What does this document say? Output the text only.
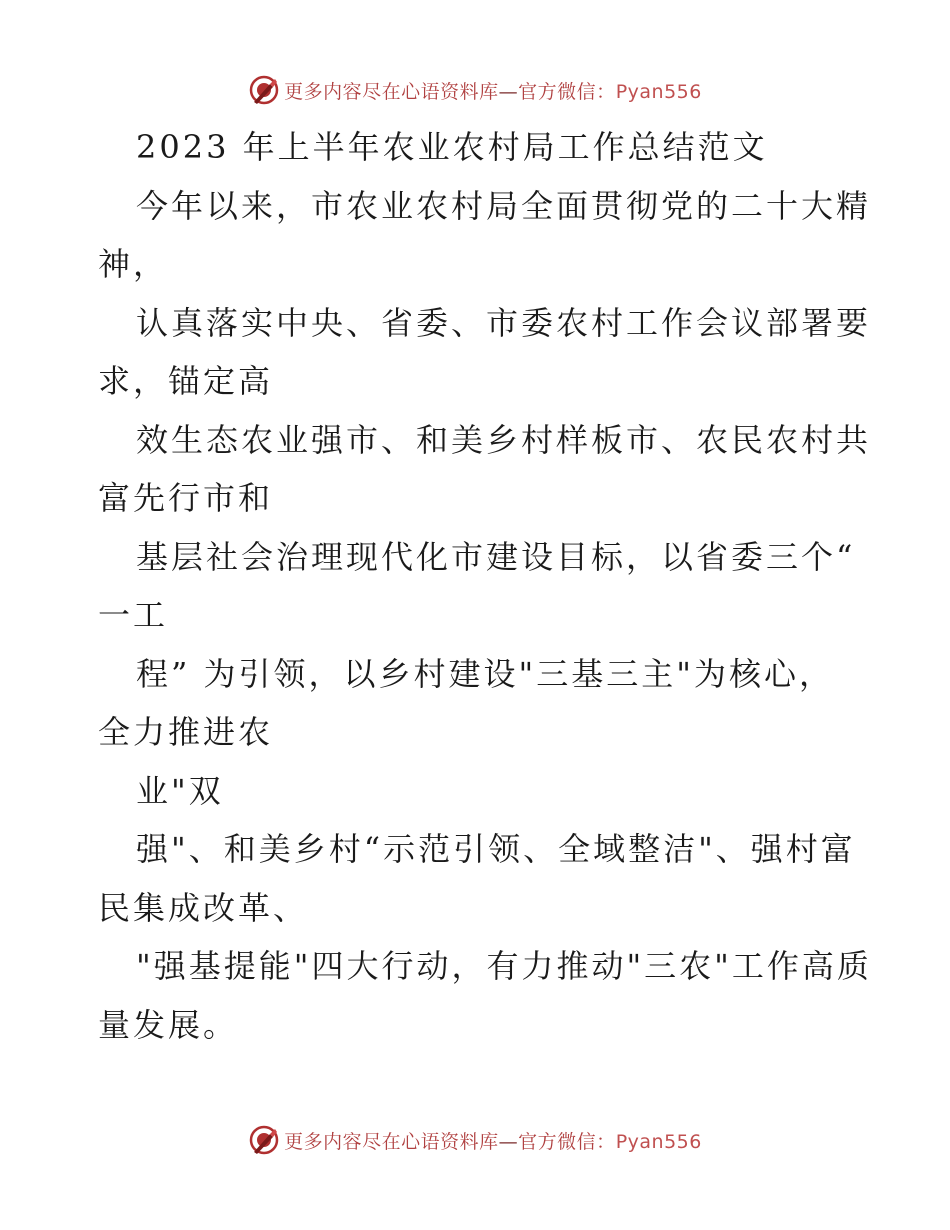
更多内容尽在心语资料库—官方微信：Pyan556
2023 年上半年农业农村局工作总结范文
今年以来，市农业农村局全面贯彻党的二十大精
神，
认真落实中央、省委、市委农村工作会议部署要
求，锚定高
效生态农业强市、和美乡村样板市、农民农村共
富先行市和
基层社会治理现代化市建设目标，以省委三个“
一工
程” 为引领，以乡村建设"三基三主"为核心，
全力推进农
业"双
强"、和美乡村“示范引领、全域整洁"、强村富
民集成改革、
"强基提能"四大行动，有力推动"三农"工作高质
量发展。
更多内容尽在心语资料库—官方微信：Pyan556
